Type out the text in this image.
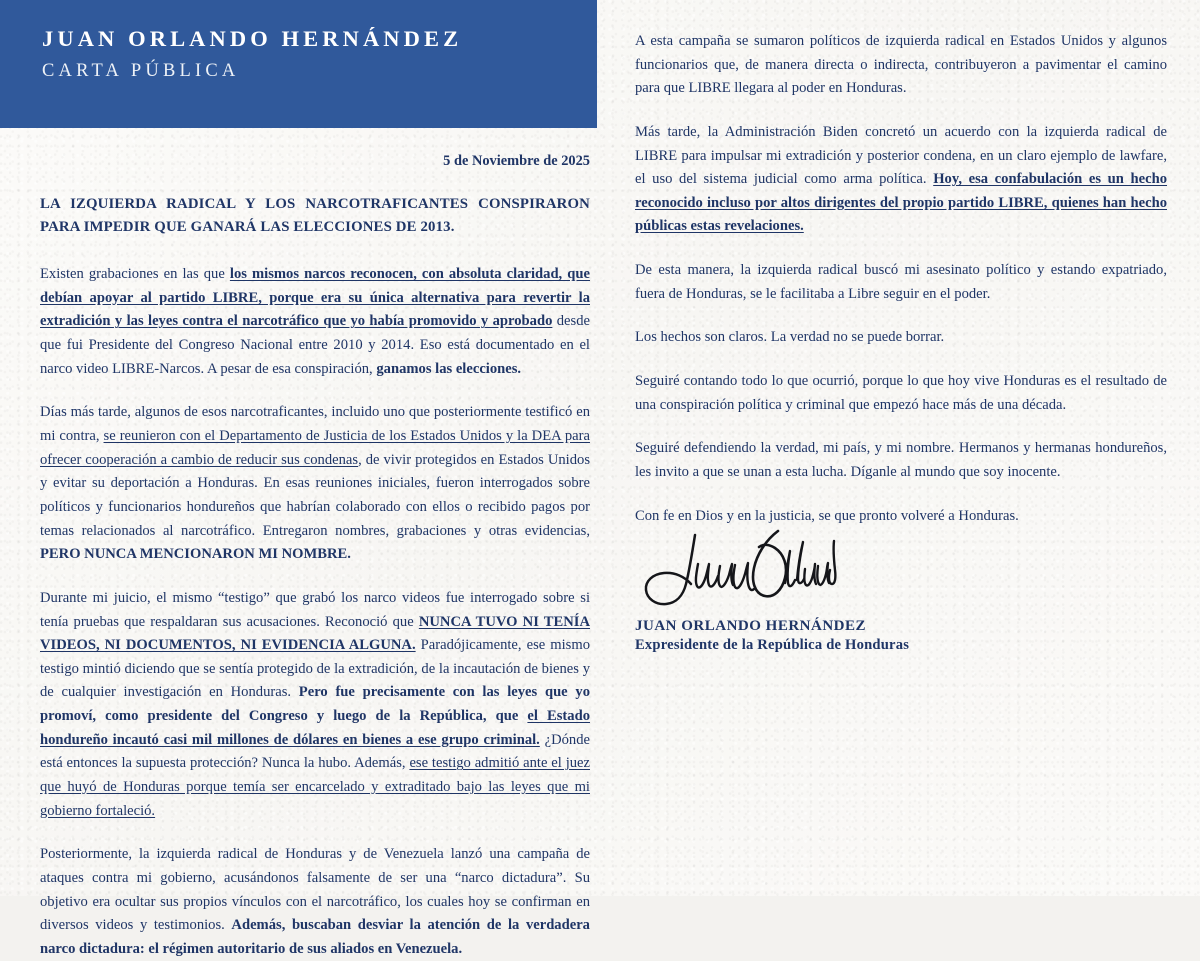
JUAN ORLANDO HERNÁNDEZ
CARTA PÚBLICA
5 de Noviembre de 2025
LA IZQUIERDA RADICAL Y LOS NARCOTRAFICANTES CONSPIRARON PARA IMPEDIR QUE GANARÁ LAS ELECCIONES DE 2013.

Existen grabaciones en las que los mismos narcos reconocen, con absoluta claridad, que debían apoyar al partido LIBRE, porque era su única alternativa para revertir la extradición y las leyes contra el narcotráfico que yo había promovido y aprobado desde que fui Presidente del Congreso Nacional entre 2010 y 2014. Eso está documentado en el narco video LIBRE-Narcos. A pesar de esa conspiración, ganamos las elecciones.

Días más tarde, algunos de esos narcotraficantes, incluido uno que posteriormente testificó en mi contra, se reunieron con el Departamento de Justicia de los Estados Unidos y la DEA para ofrecer cooperación a cambio de reducir sus condenas, de vivir protegidos en Estados Unidos y evitar su deportación a Honduras. En esas reuniones iniciales, fueron interrogados sobre políticos y funcionarios hondureños que habrían colaborado con ellos o recibido pagos por temas relacionados al narcotráfico. Entregaron nombres, grabaciones y otras evidencias, PERO NUNCA MENCIONARON MI NOMBRE.

Durante mi juicio, el mismo “testigo” que grabó los narco videos fue interrogado sobre si tenía pruebas que respaldaran sus acusaciones. Reconoció que NUNCA TUVO NI TENÍA VIDEOS, NI DOCUMENTOS, NI EVIDENCIA ALGUNA. Paradójicamente, ese mismo testigo mintió diciendo que se sentía protegido de la extradición, de la incautación de bienes y de cualquier investigación en Honduras. Pero fue precisamente con las leyes que yo promoví, como presidente del Congreso y luego de la República, que el Estado hondureño incautó casi mil millones de dólares en bienes a ese grupo criminal. ¿Dónde está entonces la supuesta protección? Nunca la hubo. Además, ese testigo admitió ante el juez que huyó de Honduras porque temía ser encarcelado y extraditado bajo las leyes que mi gobierno fortaleció.

Posteriormente, la izquierda radical de Honduras y de Venezuela lanzó una campaña de ataques contra mi gobierno, acusándonos falsamente de ser una “narco dictadura”. Su objetivo era ocultar sus propios vínculos con el narcotráfico, los cuales hoy se confirman en diversos videos y testimonios. Además, buscaban desviar la atención de la verdadera narco dictadura: el régimen autoritario de sus aliados en Venezuela.

A esta campaña se sumaron políticos de izquierda radical en Estados Unidos y algunos funcionarios que, de manera directa o indirecta, contribuyeron a pavimentar el camino para que LIBRE llegara al poder en Honduras.

Más tarde, la Administración Biden concretó un acuerdo con la izquierda radical de LIBRE para impulsar mi extradición y posterior condena, en un claro ejemplo de lawfare, el uso del sistema judicial como arma política. Hoy, esa confabulación es un hecho reconocido incluso por altos dirigentes del propio partido LIBRE, quienes han hecho públicas estas revelaciones.

De esta manera, la izquierda radical buscó mi asesinato político y estando expatriado, fuera de Honduras, se le facilitaba a Libre seguir en el poder.

Los hechos son claros. La verdad no se puede borrar.

Seguiré contando todo lo que ocurrió, porque lo que hoy vive Honduras es el resultado de una conspiración política y criminal que empezó hace más de una década.

Seguiré defendiendo la verdad, mi país, y mi nombre. Hermanos y hermanas hondureños, les invito a que se unan a esta lucha. Díganle al mundo que soy inocente.

Con fe en Dios y en la justicia, se que pronto volveré a Honduras.

JUAN ORLANDO HERNÁNDEZ
Expresidente de la República de Honduras
